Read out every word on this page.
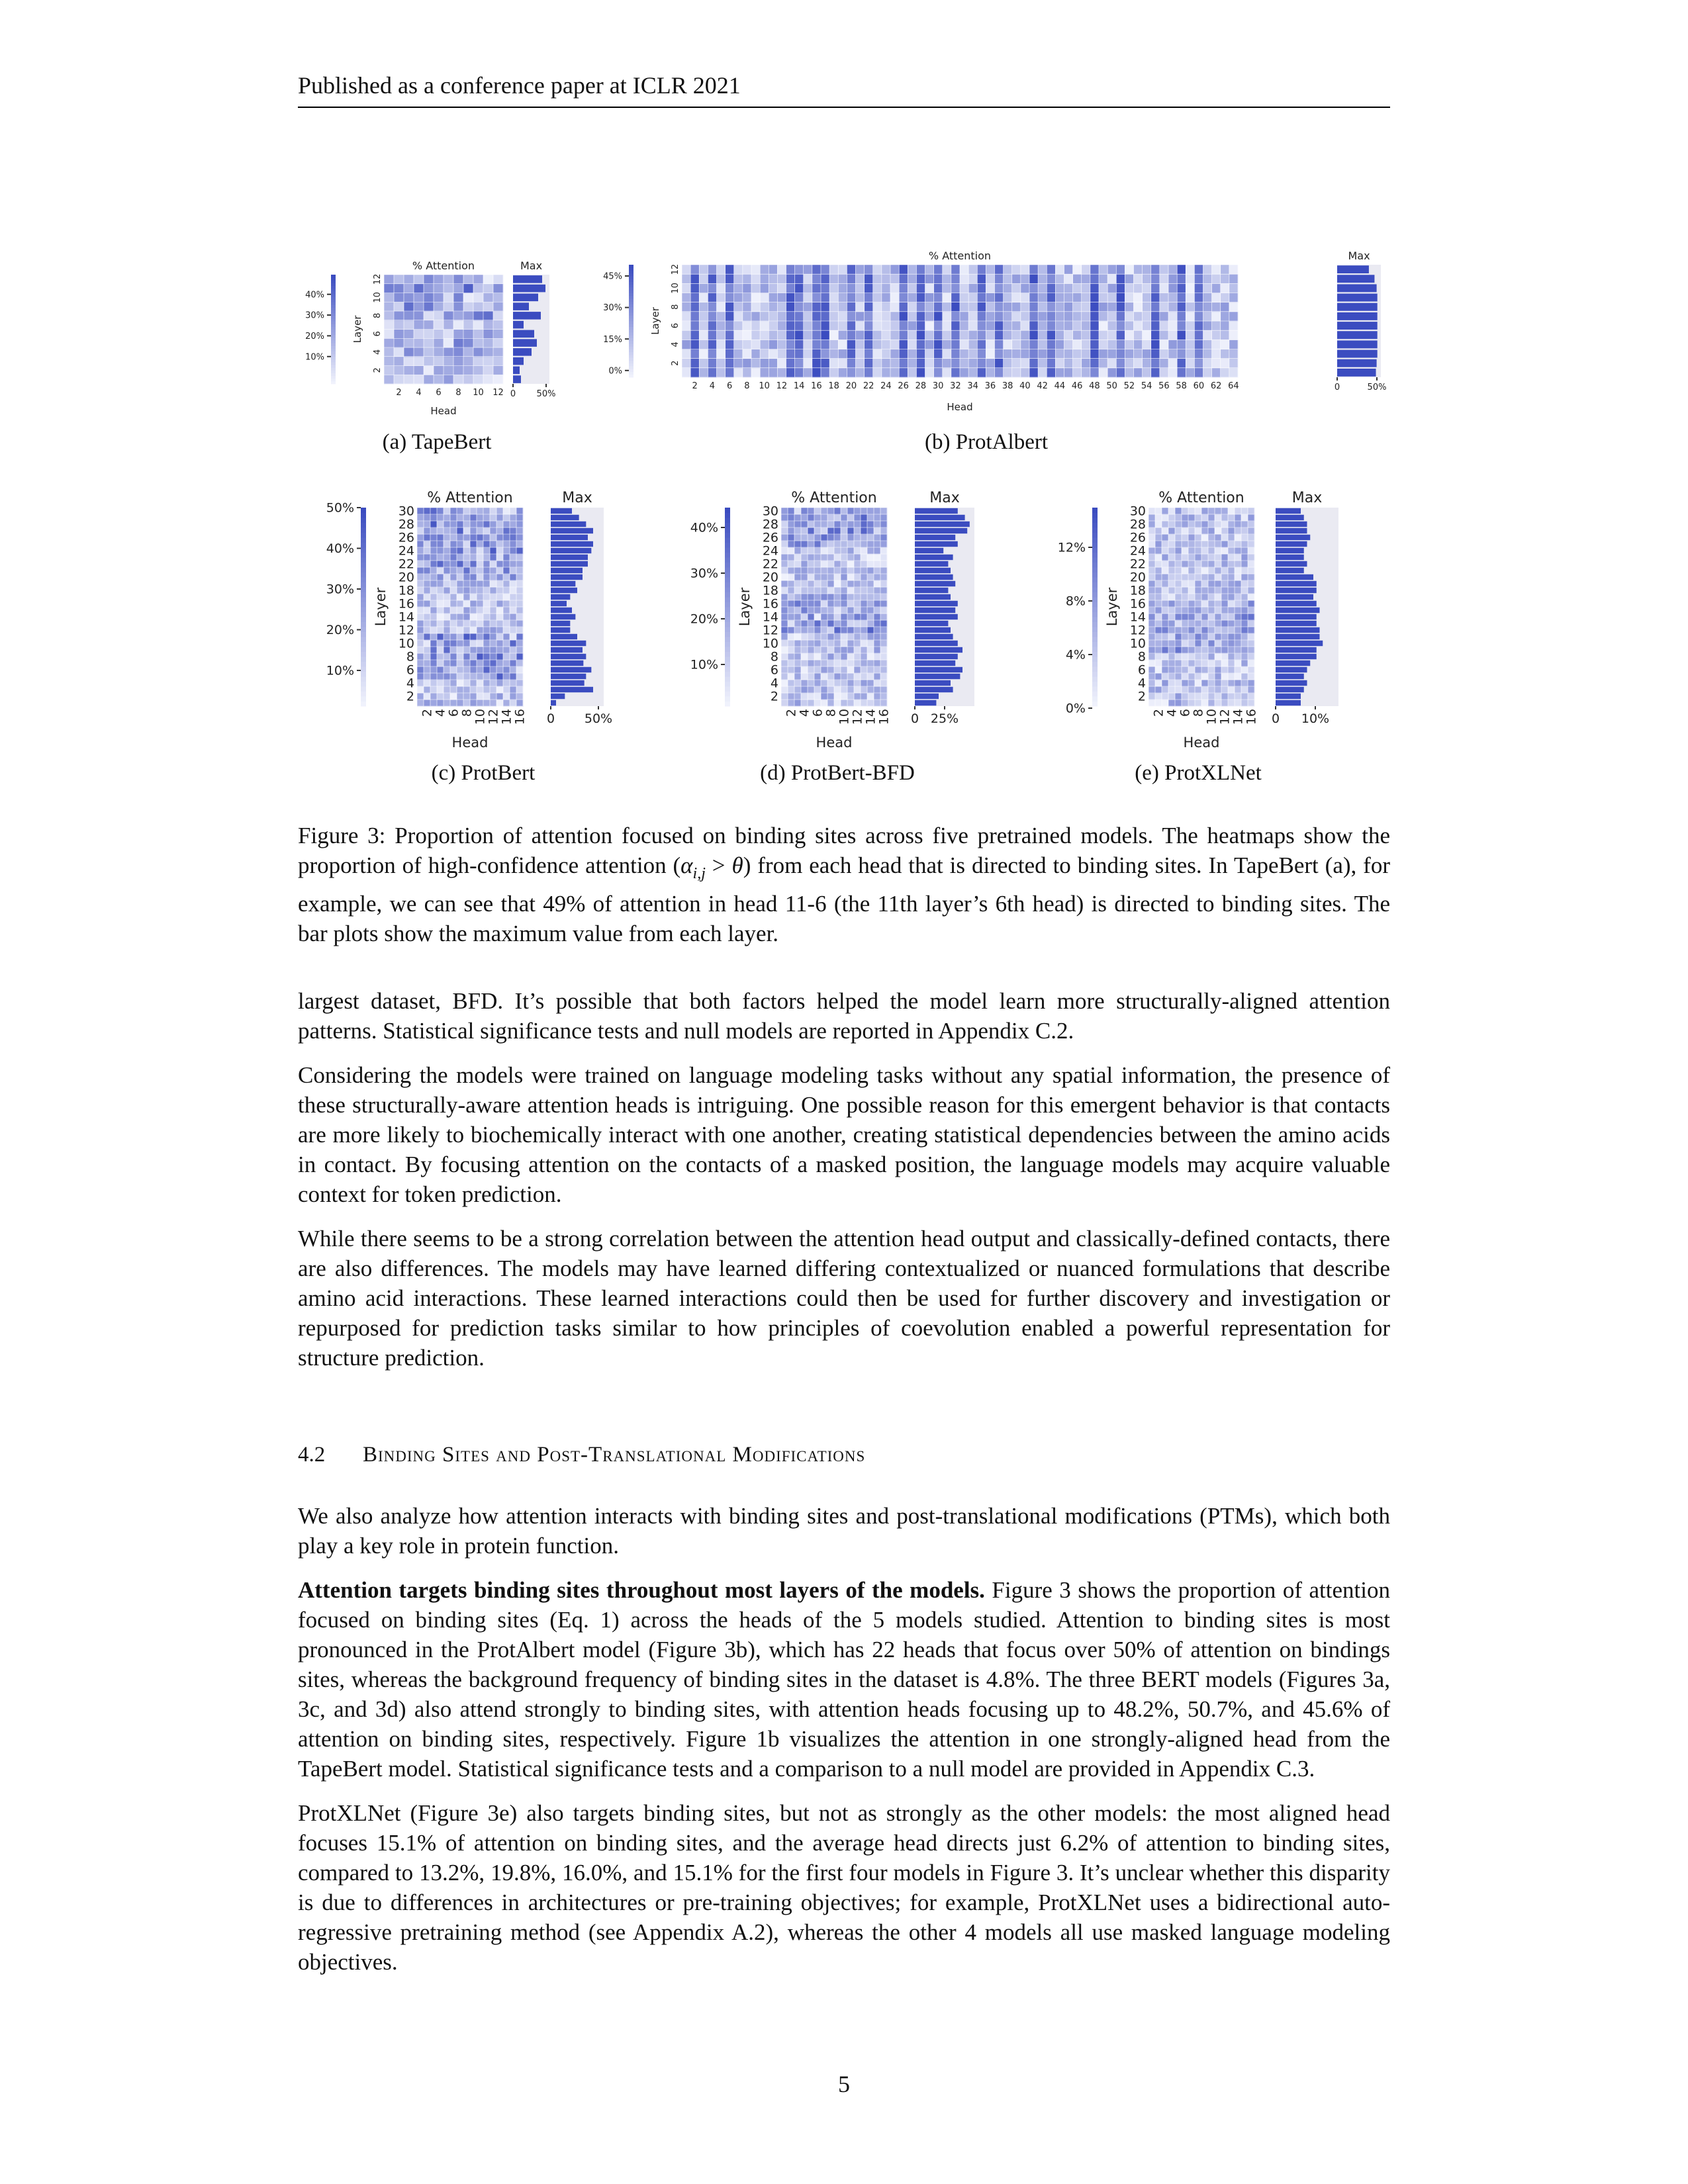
Published as a conference paper at ICLR 2021
40%
30%
20%
10%
2
4
6
8
10
12
Layer
2 4 6 8 10 12
Head
% Attention	Max
0 50%
45%
30%
15%
0%
2
4
6
8
10
12
Layer
2 4 6 8 10 12 14 16 18 20 22 24 26 28 30 32 34 36 38 40 42 44 46 48 50 52 54 56 58 60 62 64
Head
% Attention	Max
0	50%
50%
40%
30%
20%
10%
2
4
6
8
10
12
14
16
18
20
22
24
26
28
30
Layer
2
4
6
8
10
12
14
16
Head
% Attention	Max
0 50%
40%
30%
20%
10%
2
4
6
8
10
12
14
16
18
20
22
24
26
28
30
Layer
2
4
6
8
10
12
14
16
Head
% Attention	Max
0 25%
12%
8%
4%
0%
2
4
6
8
10
12
14
16
18
20
22
24
26
28
30
Layer
2
4
6
8
10
12
14
16
Head
% Attention	Max
0 10%
(a) TapeBert	(b) ProtAlbert
(c) ProtBert	(d) ProtBert-BFD	(e) ProtXLNet
Figure 3: Proportion of attention focused on binding sites across five pretrained models. The heatmaps show the proportion of high-confidence attention $(\alpha_{i,j} > \theta)$ from each head that is directed to binding sites. In TapeBert (a), for example, we can see that 49% of attention in head 11-6 (the 11th layer’s 6th head) is directed to binding sites. The bar plots show the maximum value from each layer.

largest dataset, BFD. It’s possible that both factors helped the model learn more structurally-aligned attention patterns. Statistical significance tests and null models are reported in Appendix C.2.

Considering the models were trained on language modeling tasks without any spatial information, the presence of these structurally-aware attention heads is intriguing. One possible reason for this emergent behavior is that contacts are more likely to biochemically interact with one another, creating statistical dependencies between the amino acids in contact. By focusing attention on the contacts of a masked position, the language models may acquire valuable context for token prediction.

While there seems to be a strong correlation between the attention head output and classically-defined contacts, there are also differences. The models may have learned differing contextualized or nuanced formulations that describe amino acid interactions. These learned interactions could then be used for further discovery and investigation or repurposed for prediction tasks similar to how principles of coevolution enabled a powerful representation for structure prediction.

4.2 Binding Sites and Post-Translational Modifications

We also analyze how attention interacts with binding sites and post-translational modifications (PTMs), which both play a key role in protein function.

Attention targets binding sites throughout most layers of the models. Figure 3 shows the proportion of attention focused on binding sites (Eq. 1) across the heads of the 5 models studied. Attention to binding sites is most pronounced in the ProtAlbert model (Figure 3b), which has 22 heads that focus over 50% of attention on bindings sites, whereas the background frequency of binding sites in the dataset is 4.8%. The three BERT models (Figures 3a, 3c, and 3d) also attend strongly to binding sites, with attention heads focusing up to 48.2%, 50.7%, and 45.6% of attention on binding sites, respectively. Figure 1b visualizes the attention in one strongly-aligned head from the TapeBert model. Statistical significance tests and a comparison to a null model are provided in Appendix C.3.

ProtXLNet (Figure 3e) also targets binding sites, but not as strongly as the other models: the most aligned head focuses 15.1% of attention on binding sites, and the average head directs just 6.2% of attention to binding sites, compared to 13.2%, 19.8%, 16.0%, and 15.1% for the first four models in Figure 3. It’s unclear whether this disparity is due to differences in architectures or pre-training objectives; for example, ProtXLNet uses a bidirectional auto-regressive pretraining method (see Appendix A.2), whereas the other 4 models all use masked language modeling objectives.

5
